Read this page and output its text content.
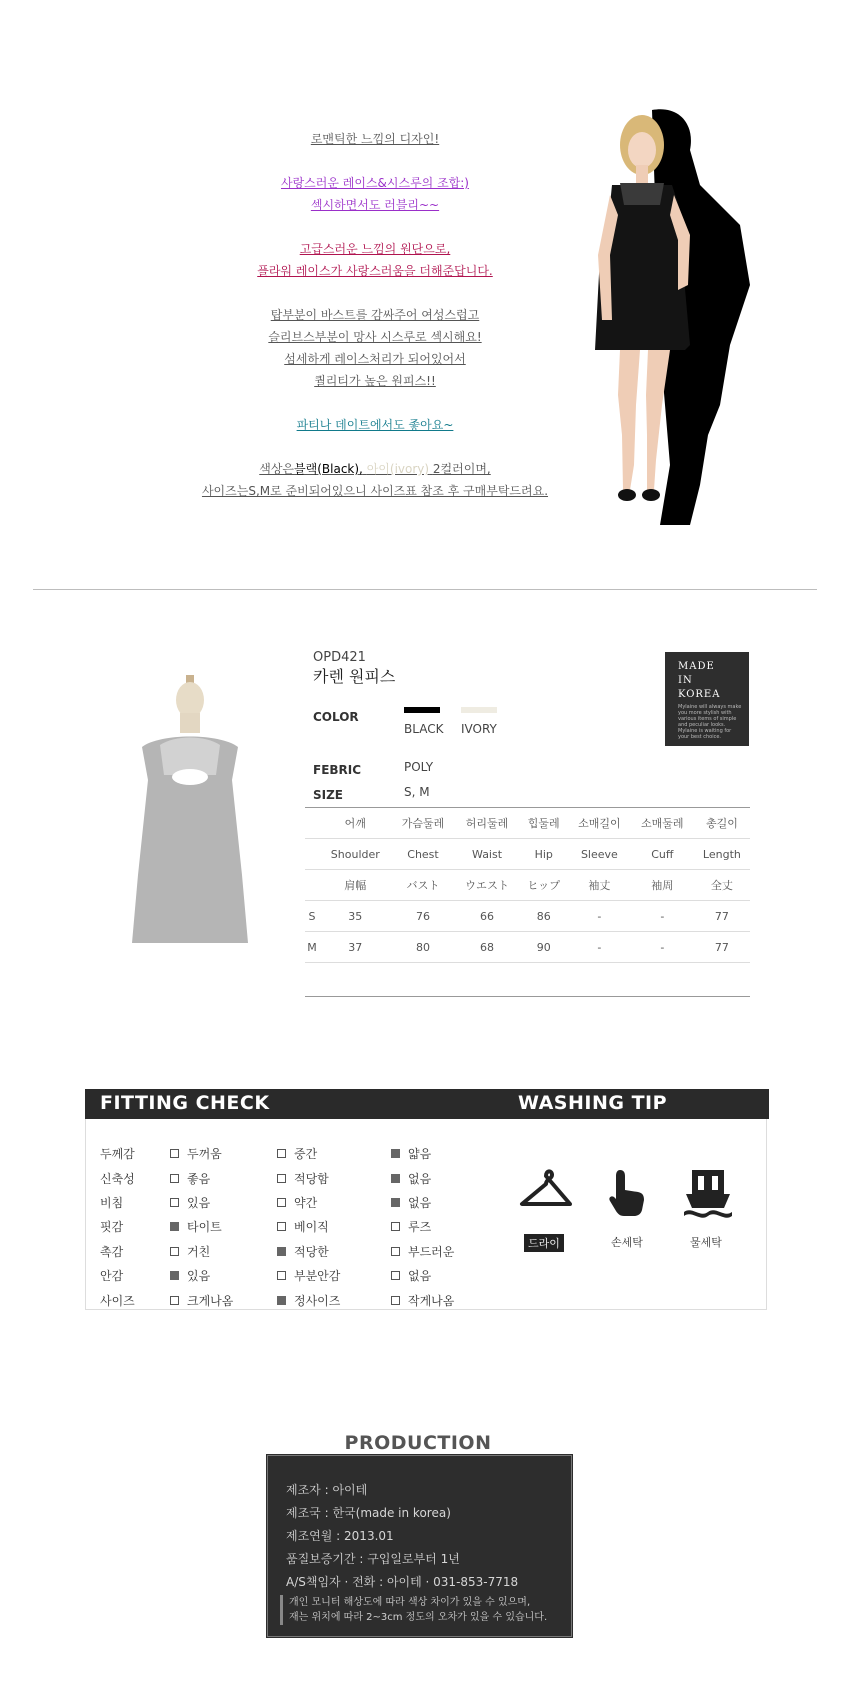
로맨틱한 느낌의 디자인!

사랑스러운 레이스&시스루의 조합:)

섹시하면서도 러블리~~

고급스러운 느낌의 원단으로,

플라워 레이스가 사랑스러움을 더해준답니다.

탑부분이 바스트를 감싸주어 여성스럽고

슬리브스부분이 망사 시스루로 섹시해요!

섬세하게 레이스처리가 되어있어서

퀄리티가 높은 원피스!!

파티나 데이트에서도 좋아요~

색상은블랙(Black), 아이(ivory) 2컬러이며,

사이즈는S,M로 준비되어있으니 사이즈표 참조 후 구매부탁드려요.

OPD421
카렌 원피스
COLOR
BLACK IVORY
FEBRIC	POLY
SIZE	S, M
MADE
IN
KOREA
Mylaine will always make you more stylish with various items of simple and peculiar looks. Mylaine is waiting for your best choice.
	어깨	가슴둘레	허리둘레	힙둘레	소매길이	소매둘레	총길이
	Shoulder	Chest	Waist	Hip	Sleeve	Cuff	Length
	肩幅	バスト	ウエスト	ヒップ	袖丈	袖周	全丈
S	35	76	66	86	-	-	77
M	37	80	68	90	-	-	77
FITTING CHECK	WASHING TIP
두께감	두꺼움	중간	얇음
신축성	좋음	적당함	없음
비침	있음	약간	없음
핏감	타이트	베이직	루즈
촉감	거친	적당한	부드러운
안감	있음	부분안감	없음
사이즈	크게나옴	정사이즈	작게나옴
드라이	손세탁	물세탁
PRODUCTION
제조자 : 아이테
제조국 : 한국(made in korea)
제조연월 : 2013.01
품질보증기간 : 구입일로부터 1년
A/S책임자 · 전화 : 아이테 · 031-853-7718
개인 모니터 해상도에 따라 색상 차이가 있을 수 있으며,
재는 위치에 따라 2~3cm 정도의 오차가 있을 수 있습니다.
